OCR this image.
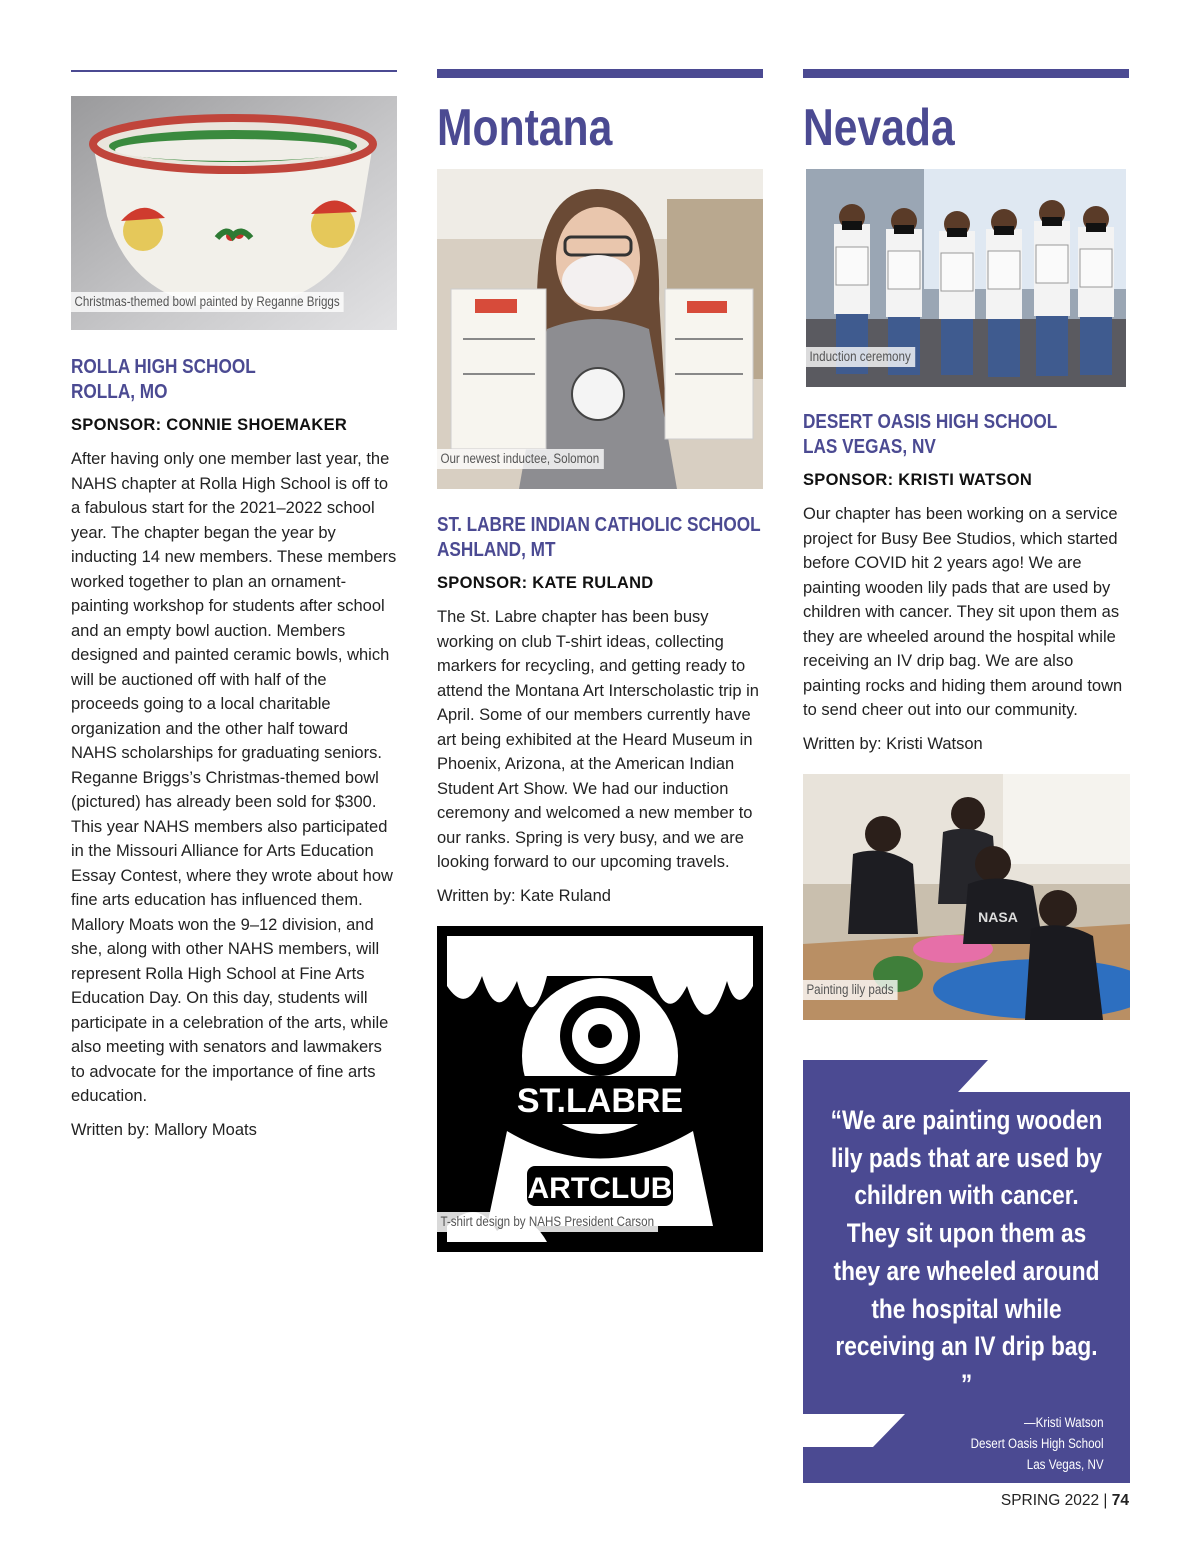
Christmas-themed bowl painted by Reganne Briggs
ROLLA HIGH SCHOOL
ROLLA, MO
SPONSOR: CONNIE SHOEMAKER
After having only one member last year, the NAHS chapter at Rolla High School is off to a fabulous start for the 2021–2022 school year. The chapter began the year by inducting 14 new members. These members worked together to plan an ornament-painting workshop for students after school and an empty bowl auction. Members designed and painted ceramic bowls, which will be auctioned off with half of the proceeds going to a local charitable organization and the other half toward NAHS scholarships for graduating seniors. Reganne Briggs’s Christmas-themed bowl (pictured) has already been sold for $300. This year NAHS members also participated in the Missouri Alliance for Arts Education Essay Contest, where they wrote about how fine arts education has influenced them. Mallory Moats won the 9–12 division, and she, along with other NAHS members, will represent Rolla High School at Fine Arts Education Day. On this day, students will participate in a celebration of the arts, while also meeting with senators and lawmakers to advocate for the importance of fine arts education.
Written by: Mallory Moats
Montana
Our newest inductee, Solomon
ST. LABRE INDIAN CATHOLIC SCHOOL
ASHLAND, MT
SPONSOR: KATE RULAND
The St. Labre chapter has been busy working on club T-shirt ideas, collecting markers for recycling, and getting ready to attend the Montana Art Interscholastic trip in April. Some of our members currently have art being exhibited at the Heard Museum in Phoenix, Arizona, at the American Indian Student Art Show. We had our induction ceremony and welcomed a new member to our ranks. Spring is very busy, and we are looking forward to our upcoming travels.
Written by: Kate Ruland
ST.LABRE
ARTCLUB
T-shirt design by NAHS President Carson
Nevada
Induction ceremony
DESERT OASIS HIGH SCHOOL
LAS VEGAS, NV
SPONSOR: KRISTI WATSON
Our chapter has been working on a service project for Busy Bee Studios, which started before COVID hit 2 years ago! We are painting wooden lily pads that are used by children with cancer. They sit upon them as they are wheeled around the hospital while receiving an IV drip bag. We are also painting rocks and hiding them around town to send cheer out into our community.
Written by: Kristi Watson
NASA
Painting lily pads
“We are painting wooden lily pads that are used by children with cancer. They sit upon them as they are wheeled around the hospital while receiving an IV drip bag. ”
—Kristi Watson
Desert Oasis High School
Las Vegas, NV
SPRING 2022 | 74
